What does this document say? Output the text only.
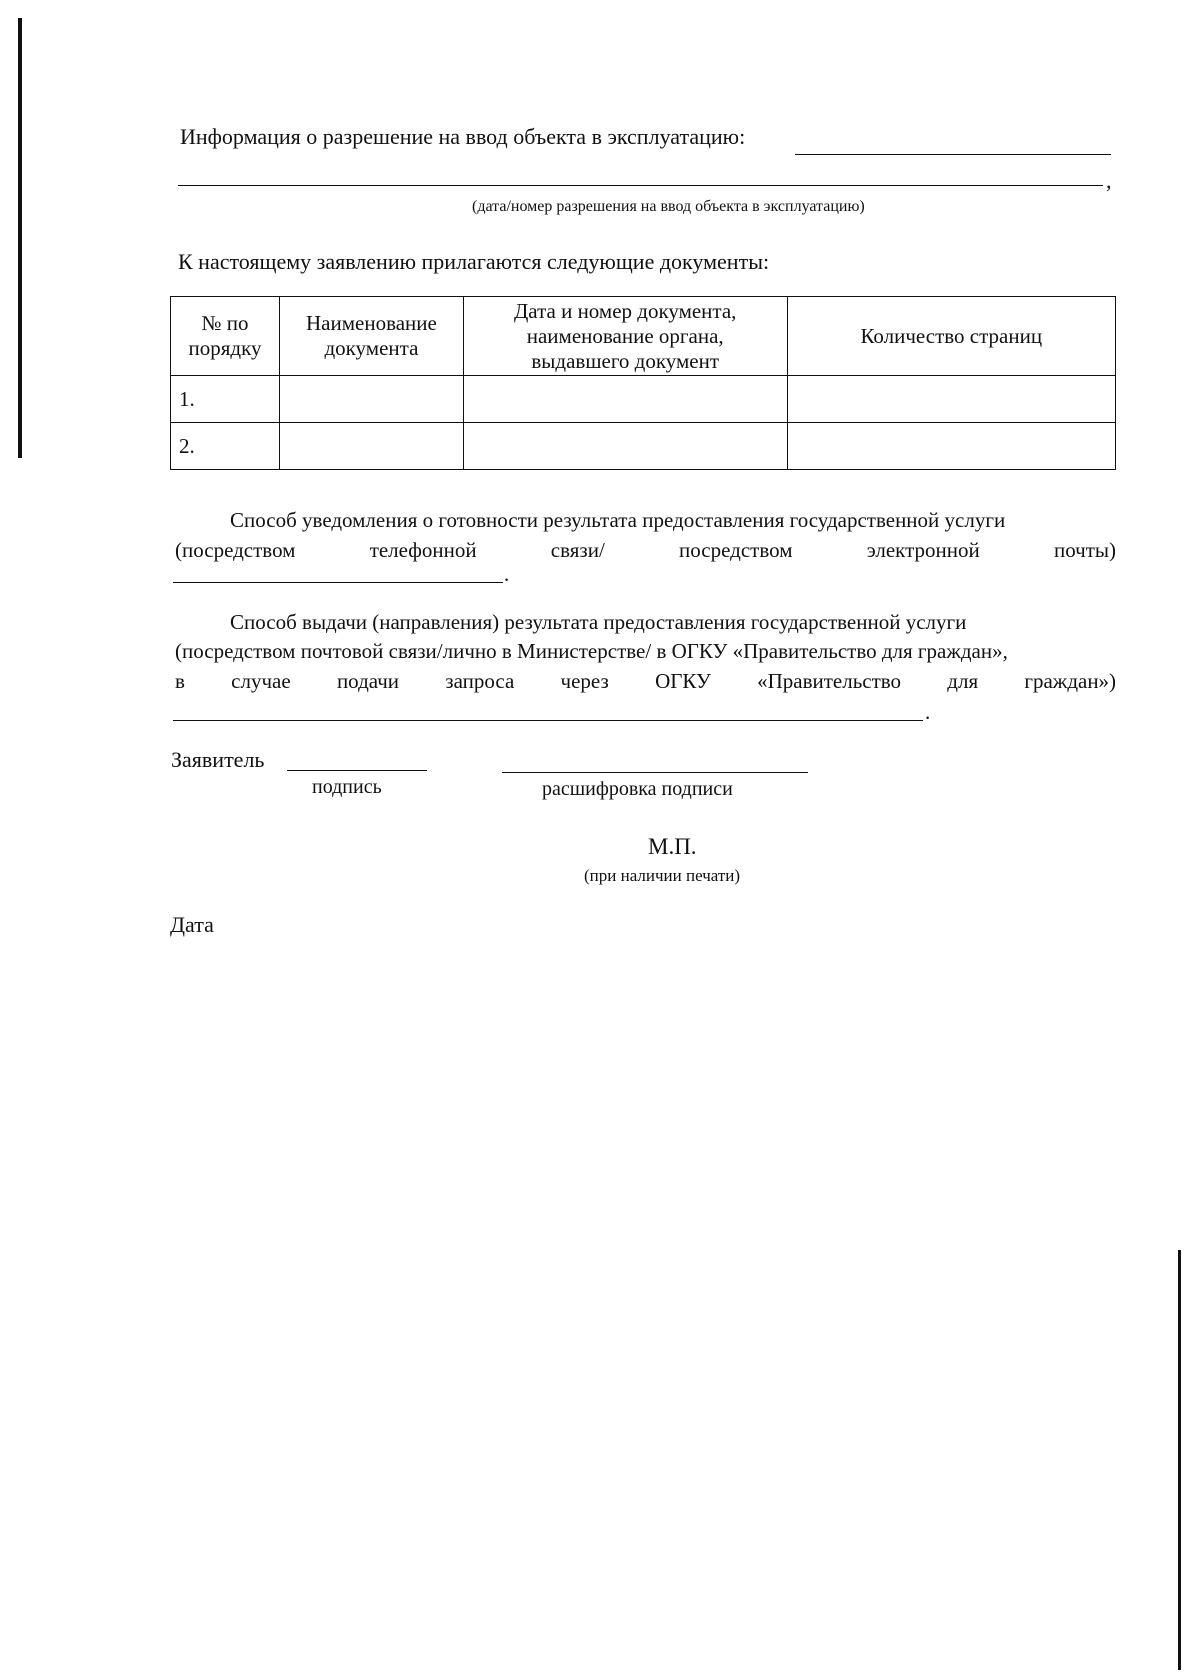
Информация о разрешение на ввод объекта в эксплуатацию:
,
(дата/номер разрешения на ввод объекта в эксплуатацию)
К настоящему заявлению прилагаются следующие документы:
№ по порядку	Наименование документа	Дата и номер документа, наименование органа, выдавшего документ	Количество страниц
1.			
2.			
Способ уведомления о готовности результата предоставления государственной услуги
(посредством	телефонной	связи/	посредством	электронной	почты)
.
Способ выдачи (направления) результата предоставления государственной услуги
(посредством почтовой связи/лично в Министерстве/ в ОГКУ «Правительство для граждан»,
в случае подачи запроса через ОГКУ «Правительство для граждан»)
.
Заявитель
подпись	расшифровка подписи
М.П.
(при наличии печати)
Дата
